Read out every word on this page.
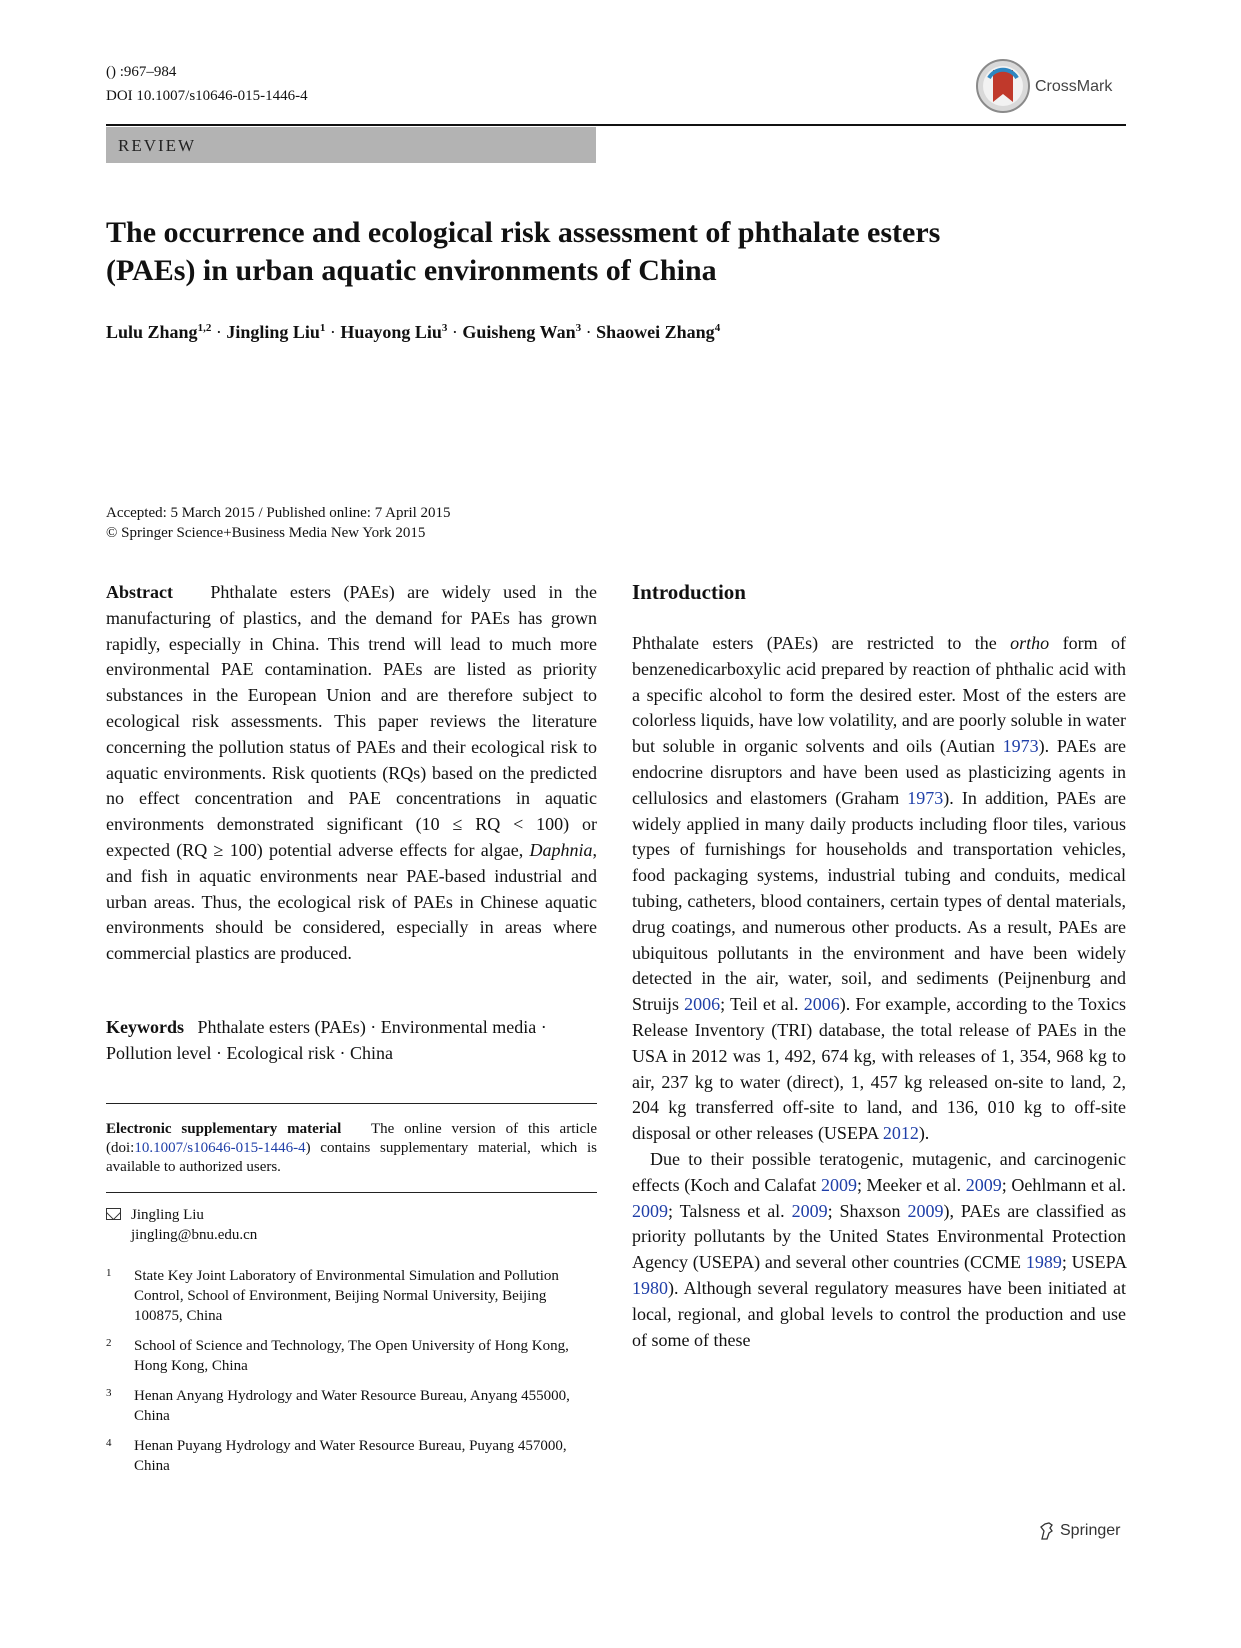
() :967–984
DOI 10.1007/s10646-015-1446-4
CrossMark
REVIEW
The occurrence and ecological risk assessment of phthalate esters
(PAEs) in urban aquatic environments of China
Lulu Zhang$^{1,2}$ · Jingling Liu$^1$ · Huayong Liu$^3$ · Guisheng Wan$^3$ · Shaowei Zhang$^4$
Accepted: 5 March 2015 / Published online: 7 April 2015
© Springer Science+Business Media New York 2015
Abstract Phthalate esters (PAEs) are widely used in the manufacturing of plastics, and the demand for PAEs has grown rapidly, especially in China. This trend will lead to much more environmental PAE contamination. PAEs are listed as priority substances in the European Union and are therefore subject to ecological risk assessments. This paper reviews the literature concerning the pollution status of PAEs and their ecological risk to aquatic environments. Risk quotients (RQs) based on the predicted no effect concentration and PAE concentrations in aquatic environments demonstrated significant (10 ≤ RQ < 100) or expected (RQ ≥ 100) potential adverse effects for algae, Daphnia, and fish in aquatic environments near PAE-based industrial and urban areas. Thus, the ecological risk of PAEs in Chinese aquatic environments should be considered, especially in areas where commercial plastics are produced.
Keywords Phthalate esters (PAEs) · Environmental media · Pollution level · Ecological risk · China
Electronic supplementary material The online version of this article (doi:10.1007/s10646-015-1446-4) contains supplementary material, which is available to authorized users.
Jingling Liu
jingling@bnu.edu.cn
1 State Key Joint Laboratory of Environmental Simulation and Pollution Control, School of Environment, Beijing Normal University, Beijing 100875, China
2 School of Science and Technology, The Open University of Hong Kong, Hong Kong, China
3 Henan Anyang Hydrology and Water Resource Bureau, Anyang 455000, China
4 Henan Puyang Hydrology and Water Resource Bureau, Puyang 457000, China
Introduction

Phthalate esters (PAEs) are restricted to the ortho form of benzenedicarboxylic acid prepared by reaction of phthalic acid with a specific alcohol to form the desired ester. Most of the esters are colorless liquids, have low volatility, and are poorly soluble in water but soluble in organic solvents and oils (Autian 1973). PAEs are endocrine disruptors and have been used as plasticizing agents in cellulosics and elastomers (Graham 1973). In addition, PAEs are widely applied in many daily products including floor tiles, various types of furnishings for households and transportation vehicles, food packaging systems, industrial tubing and conduits, medical tubing, catheters, blood containers, certain types of dental materials, drug coatings, and numerous other products. As a result, PAEs are ubiquitous pollutants in the environment and have been widely detected in the air, water, soil, and sediments (Peijnenburg and Struijs 2006; Teil et al. 2006). For example, according to the Toxics Release Inventory (TRI) database, the total release of PAEs in the USA in 2012 was 1, 492, 674 kg, with releases of 1, 354, 968 kg to air, 237 kg to water (direct), 1, 457 kg released on-site to land, 2, 204 kg transferred off-site to land, and 136, 010 kg to off-site disposal or other releases (USEPA 2012).

Due to their possible teratogenic, mutagenic, and carcinogenic effects (Koch and Calafat 2009; Meeker et al. 2009; Oehlmann et al. 2009; Talsness et al. 2009; Shaxson 2009), PAEs are classified as priority pollutants by the United States Environmental Protection Agency (USEPA) and several other countries (CCME 1989; USEPA 1980). Although several regulatory measures have been initiated at local, regional, and global levels to control the production and use of some of these

Springer
